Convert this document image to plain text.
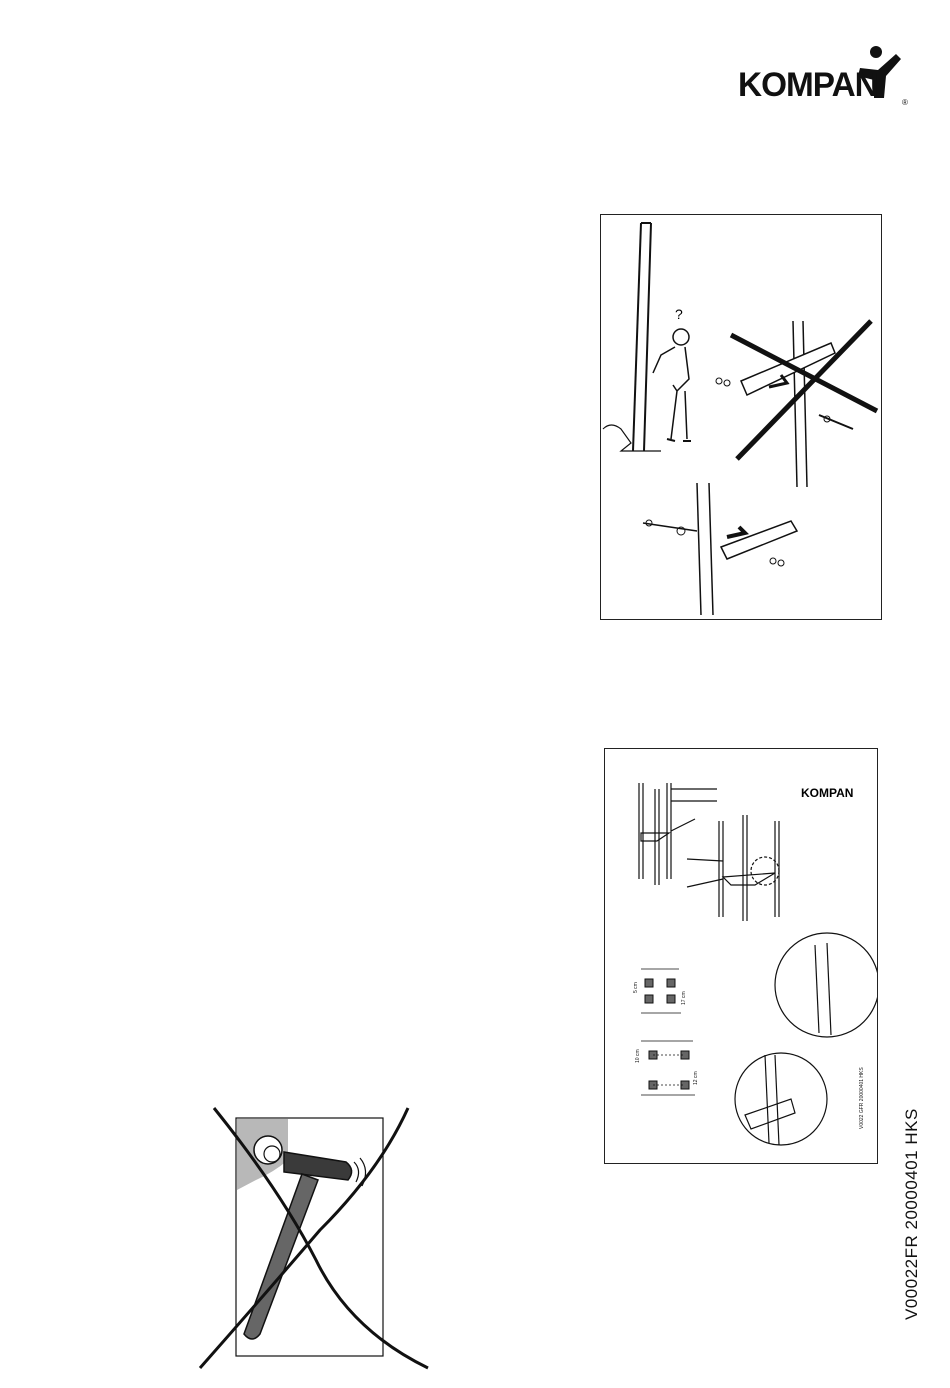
KOMPAN	®
?
KOMPAN
5 cm
17 cm
10 cm
12 cm	V0022 GFR 20000401 HKS
V00022FR 20000401 HKS
